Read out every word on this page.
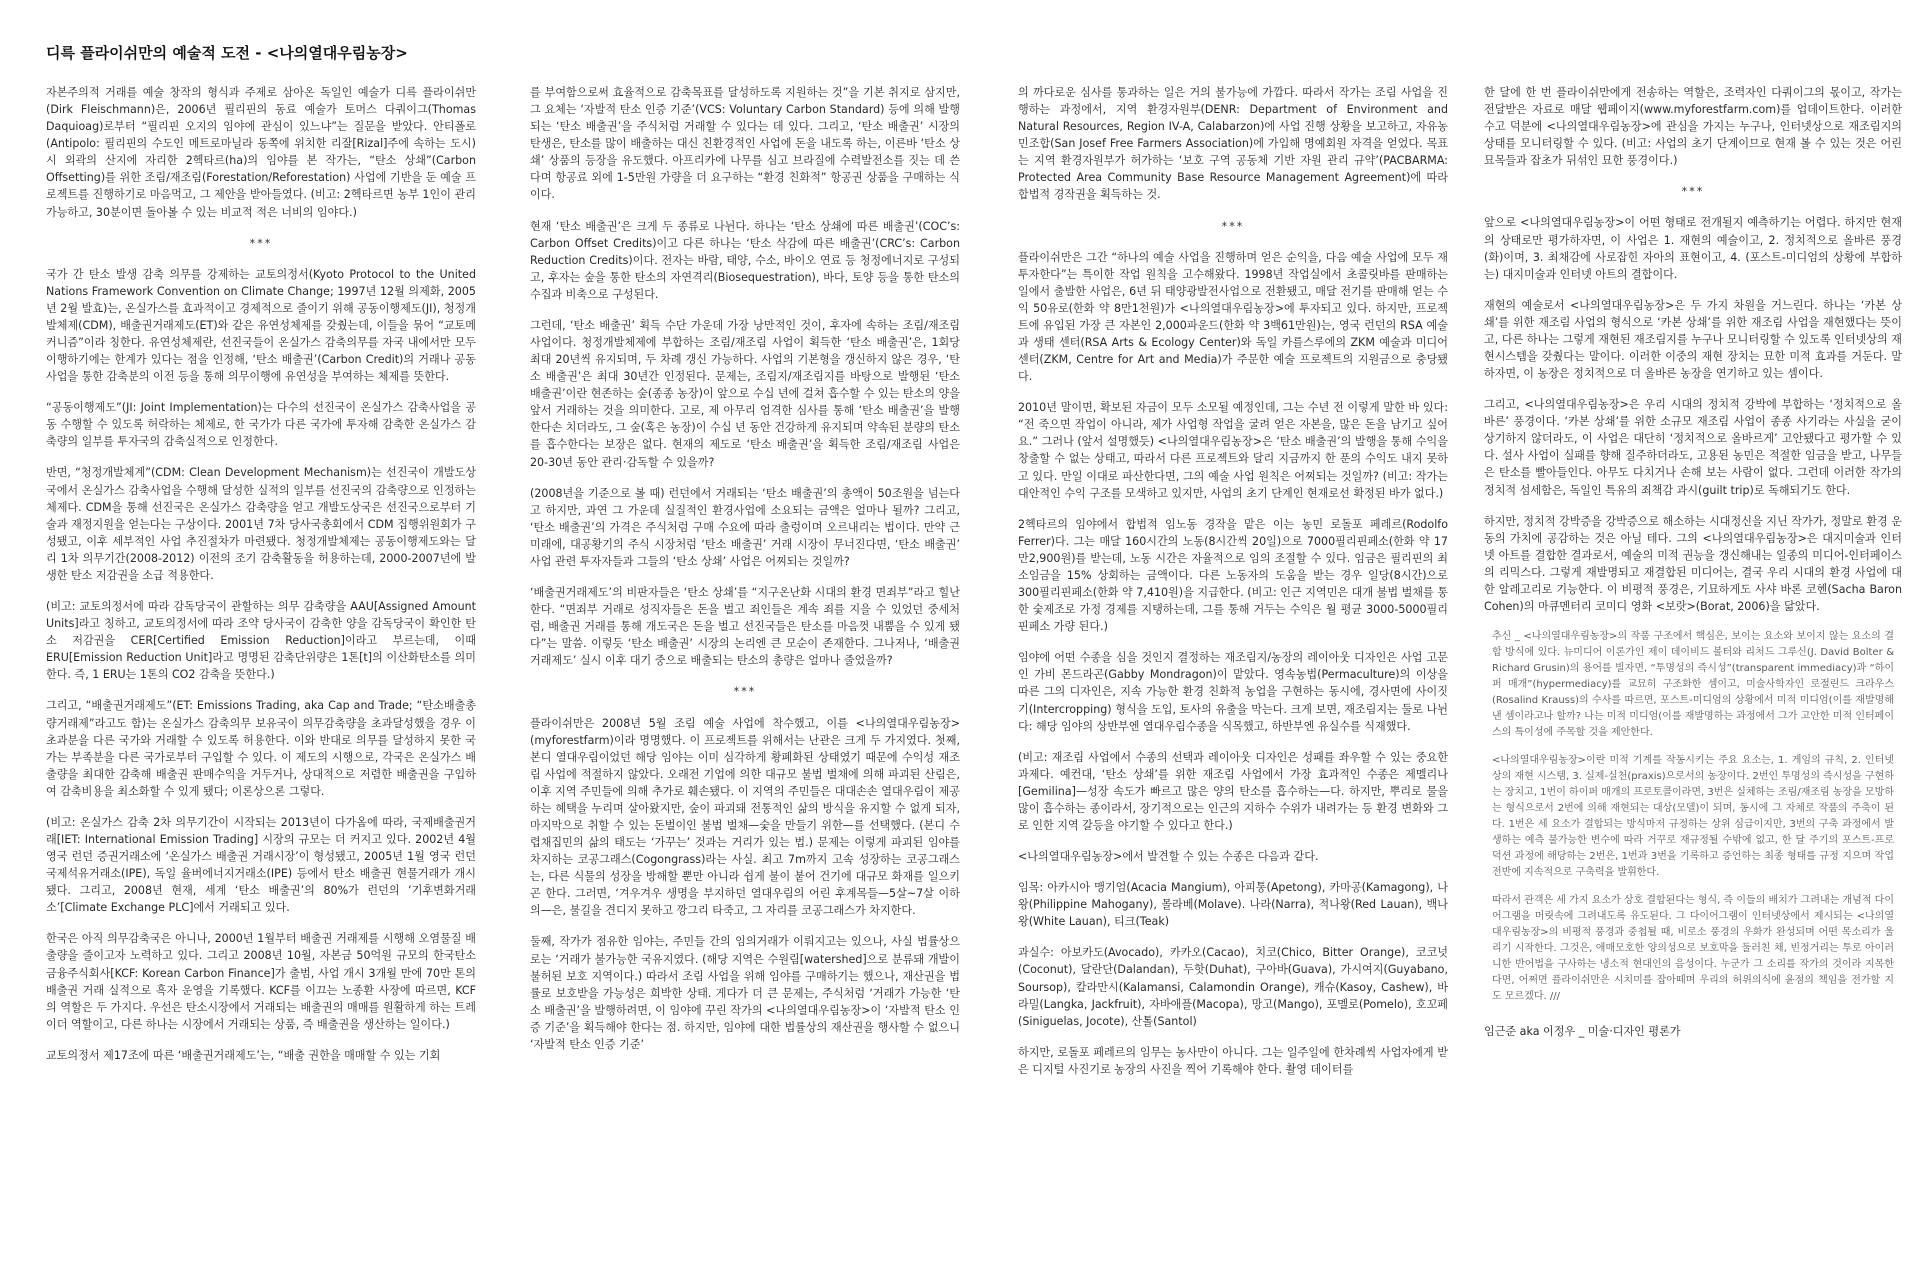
디륵 플라이쉬만의 예술적 도전 - <나의열대우림농장>

자본주의적 거래를 예술 창작의 형식과 주제로 삼아온 독일인 예술가 디륵 플라이쉬만(Dirk Fleischmann)은, 2006년 필리핀의 동료 예술가 토머스 다쿼이그(Thomas Daquioag)로부터 “필리핀 오지의 임야에 관심이 있느냐”는 질문을 받았다. 안티폴로(Antipolo: 필리핀의 수도인 메트로마닐라 동쪽에 위치한 리잘[Rizal]주에 속하는 도시)시 외곽의 산지에 자리한 2헥타르(ha)의 임야를 본 작가는, “탄소 상쇄”(Carbon Offsetting)를 위한 조림/재조림(Forestation/Reforestation) 사업에 기반을 둔 예술 프로젝트를 진행하기로 마음먹고, 그 제안을 받아들였다. (비고: 2헥타르면 농부 1인이 관리 가능하고, 30분이면 돌아볼 수 있는 비교적 적은 너비의 임야다.)

***

국가 간 탄소 발생 감축 의무를 강제하는 교토의정서(Kyoto Protocol to the United Nations Framework Convention on Climate Change; 1997년 12월 의제화, 2005년 2월 발효)는, 온실가스를 효과적이고 경제적으로 줄이기 위해 공동이행제도(JI), 청정개발체제(CDM), 배출권거래제도(ET)와 같은 유연성체제를 갖췄는데, 이들을 묶어 “교토메커니즘”이라 칭한다. 유연성체제란, 선진국들이 온실가스 감축의무를 자국 내에서만 모두 이행하기에는 한계가 있다는 점을 인정해, ‘탄소 배출권’(Carbon Credit)의 거래나 공동사업을 통한 감축분의 이전 등을 통해 의무이행에 유연성을 부여하는 체제를 뜻한다.

“공동이행제도”(JI: Joint Implementation)는 다수의 선진국이 온실가스 감축사업을 공동 수행할 수 있도록 허락하는 체제로, 한 국가가 다른 국가에 투자해 감축한 온실가스 감축량의 일부를 투자국의 감축실적으로 인정한다.

반면, “청정개발체계”(CDM: Clean Development Mechanism)는 선진국이 개발도상국에서 온실가스 감축사업을 수행해 달성한 실적의 일부를 선진국의 감축량으로 인정하는 체제다. CDM을 통해 선진국은 온실가스 감축량을 얻고 개발도상국은 선진국으로부터 기술과 재정지원을 얻는다는 구상이다. 2001년 7차 당사국총회에서 CDM 집행위원회가 구성됐고, 이후 세부적인 사업 추진절차가 마련됐다. 청정개발체제는 공동이행제도와는 달리 1차 의무기간(2008-2012) 이전의 조기 감축활동을 허용하는데, 2000-2007년에 발생한 탄소 저감권을 소급 적용한다.

(비고: 교토의정서에 따라 감독당국이 관할하는 의무 감축량을 AAU[Assigned Amount Units]라고 칭하고, 교토의정서에 따라 조약 당사국이 감축한 양을 감독당국이 확인한 탄소 저감권을 CER[Certified Emission Reduction]이라고 부르는데, 이때 ERU[Emission Reduction Unit]라고 명명된 감축단위량은 1톤[t]의 이산화탄소를 의미한다. 즉, 1 ERU는 1톤의 CO2 감축을 뜻한다.)

그리고, “배출권거래제도”(ET: Emissions Trading, aka Cap and Trade; “탄소배출총량거래제”라고도 함)는 온실가스 감축의무 보유국이 의무감축량을 초과달성했을 경우 이 초과분을 다른 국가와 거래할 수 있도록 허용한다. 이와 반대로 의무를 달성하지 못한 국가는 부족분을 다른 국가로부터 구입할 수 있다. 이 제도의 시행으로, 각국은 온실가스 배출량을 최대한 감축해 배출권 판매수익을 거두거나, 상대적으로 저렴한 배출권을 구입하여 감축비용을 최소화할 수 있게 됐다; 이론상으론 그렇다.

(비고: 온실가스 감축 2차 의무기간이 시작되는 2013년이 다가옴에 따라, 국제배출권거래[IET: International Emission Trading] 시장의 규모는 더 커지고 있다. 2002년 4월 영국 런던 증권거래소에 ‘온실가스 배출권 거래시장’이 형성됐고, 2005년 1월 영국 런던국제석유거래소(IPE), 독일 율버에너지거래소(IPE) 등에서 탄소 배출권 현물거래가 개시됐다. 그리고, 2008년 현재, 세계 ‘탄소 배출권’의 80%가 런던의 ‘기후변화거래소’[Climate Exchange PLC]에서 거래되고 있다.

한국은 아직 의무감축국은 아니나, 2000년 1월부터 배출권 거래제를 시행해 오염물질 배출량을 줄이고자 노력하고 있다. 그리고 2008년 10월, 자본금 50억원 규모의 한국탄소금융주식회사[KCF: Korean Carbon Finance]가 출범, 사업 개시 3개월 만에 70만 톤의 배출권 거래 실적으로 흑자 운영을 기록했다. KCF를 이끄는 노종환 사장에 따르면, KCF의 역할은 두 가지다. 우선은 탄소시장에서 거래되는 배출권의 매매를 원활하게 하는 트레이더 역할이고, 다른 하나는 시장에서 거래되는 상품, 즉 배출권을 생산하는 일이다.)

교토의정서 제17조에 따른 ‘배출권거래제도’는, “배출 권한을 매매할 수 있는 기회

를 부여함으로써 효율적으로 감축목표를 달성하도록 지원하는 것”을 기본 취지로 삼지만, 그 요체는 ‘자발적 탄소 인증 기준’(VCS: Voluntary Carbon Standard) 등에 의해 발행되는 ‘탄소 배출권’을 주식처럼 거래할 수 있다는 데 있다. 그리고, ‘탄소 배출권’ 시장의 탄생은, 탄소를 많이 배출하는 대신 친환경적인 사업에 돈을 내도록 하는, 이른바 ‘탄소 상쇄’ 상품의 등장을 유도했다. 아프리카에 나무를 심고 브라질에 수력발전소를 짓는 데 쓴다며 항공료 외에 1-5만원 가량을 더 요구하는 “환경 친화적” 항공권 상품을 구매하는 식이다.

현재 ‘탄소 배출권’은 크게 두 종류로 나뉜다. 하나는 ‘탄소 상쇄에 따른 배출권’(COC’s: Carbon Offset Credits)이고 다른 하나는 ‘탄소 삭감에 따른 배출권’(CRC’s: Carbon Reduction Credits)이다. 전자는 바람, 태양, 수소, 바이오 연료 등 청정에너지로 구성되고, 후자는 숲을 통한 탄소의 자연격리(Biosequestration), 바다, 토양 등을 통한 탄소의 수집과 비축으로 구성된다.

그런데, ‘탄소 배출권’ 획득 수단 가운데 가장 낭만적인 것이, 후자에 속하는 조림/재조림 사업이다. 청정개발체제에 부합하는 조림/재조림 사업이 획득한 ‘탄소 배출권’은, 1회당 최대 20년씩 유지되며, 두 차례 갱신 가능하다. 사업의 기본형을 갱신하지 않은 경우, ‘탄소 배출권’은 최대 30년간 인정된다. 문제는, 조림지/재조림지를 바탕으로 발행된 ‘탄소 배출권’이란 현존하는 숲(종종 농장)이 앞으로 수십 년에 걸쳐 흡수할 수 있는 탄소의 양을 앞서 거래하는 것을 의미한다. 고로, 제 아무리 엄격한 심사를 통해 ‘탄소 배출권’을 발행한다손 치더라도, 그 숲(혹은 농장)이 수십 년 동안 건강하게 유지되며 약속된 분량의 탄소를 흡수한다는 보장은 없다. 현재의 제도로 ‘탄소 배출권’을 획득한 조림/재조림 사업은 20-30년 동안 관리·감독할 수 있을까?

(2008년을 기준으로 볼 때) 런던에서 거래되는 ‘탄소 배출권’의 총액이 50조원을 넘는다고 하지만, 과연 그 가운데 실질적인 환경사업에 소요되는 금액은 얼마나 될까? 그리고, ‘탄소 배출권’의 가격은 주식처럼 구매 수요에 따라 출렁이며 오르내리는 법이다. 만약 근미래에, 대공황기의 주식 시장처럼 ‘탄소 배출권’ 거래 시장이 무너진다면, ‘탄소 배출권’ 사업 관련 투자자들과 그들의 ‘탄소 상쇄’ 사업은 어찌되는 것일까?

‘배출권거래제도’의 비판자들은 ‘탄소 상쇄’를 “지구온난화 시대의 환경 면죄부”라고 힐난한다. “면죄부 거래로 성직자들은 돈을 벌고 죄인들은 계속 죄를 지을 수 있었던 중세처럼, 배출권 거래를 통해 개도국은 돈을 벌고 선진국들은 탄소를 마음껏 내뿜을 수 있게 됐다”는 말씀. 이렇듯 ‘탄소 배출권’ 시장의 논리엔 큰 모순이 존재한다. 그나저나, ‘배출권거래제도’ 실시 이후 대기 중으로 배출되는 탄소의 총량은 얼마나 줄었을까?

***

플라이쉬만은 2008년 5월 조림 예술 사업에 착수했고, 이를 <나의열대우림농장>(myforestfarm)이라 명명했다. 이 프로젝트를 위해서는 난관은 크게 두 가지였다. 첫째, 본디 열대우림이었던 해당 임야는 이미 심각하게 황폐화된 상태였기 때문에 수익성 재조림 사업에 적절하지 않았다. 오래전 기업에 의한 대규모 불법 벌채에 의해 파괴된 산림은, 이후 지역 주민들에 의해 추가로 훼손됐다. 이 지역의 주민들은 대대손손 열대우림이 제공하는 혜택을 누리며 살아왔지만, 숲이 파괴돼 전통적인 삶의 방식을 유지할 수 없게 되자, 마지막으로 취할 수 있는 돈벌이인 불법 벌채—숯을 만들기 위한—를 선택했다. (본디 수렵채집민의 삶의 태도는 ‘가꾸는’ 것과는 거리가 있는 법.) 문제는 이렇게 파괴된 임야를 차지하는 코공그래스(Cogongrass)라는 사실. 최고 7m까지 고속 성장하는 코공그래스는, 다른 식물의 성장을 방해할 뿐만 아니라 쉽게 불이 붙어 건기에 대규모 화재를 일으키곤 한다. 그러면, ‘겨우겨우 생명을 부지하던 열대우림의 어린 후계목들—5살~7살 이하의—은, 불길을 견디지 못하고 깡그리 타죽고, 그 자리를 코공그래스가 차지한다.

둘째, 작가가 점유한 임야는, 주민들 간의 임의거래가 이뤄지고는 있으나, 사실 법률상으로는 ‘거래가 불가능한 국유지였다. (해당 지역은 수원림[watershed]으로 분류돼 개발이 불허된 보호 지역이다.) 따라서 조림 사업을 위해 임야를 구매하기는 했으나, 재산권을 법률로 보호받을 가능성은 희박한 상태. 게다가 더 큰 문제는, 주식처럼 ‘거래가 가능한 ‘탄소 배출권’을 발행하려면, 이 임야에 꾸린 작가의 <나의열대우림농장>이 ‘자발적 탄소 인증 기준’을 획득해야 한다는 점. 하지만, 임야에 대한 법률상의 재산권을 행사할 수 없으니 ‘자발적 탄소 인증 기준’

의 까다로운 심사를 통과하는 일은 거의 불가능에 가깝다. 따라서 작가는 조림 사업을 진행하는 과정에서, 지역 환경자원부(DENR: Department of Environment and Natural Resources, Region IV-A, Calabarzon)에 사업 진행 상황을 보고하고, 자유농민조합(San Josef Free Farmers Association)에 가입해 명예회원 자격을 얻었다. 목표는 지역 환경자원부가 허가하는 ‘보호 구역 공동체 기반 자원 관리 규약’(PACBARMA: Protected Area Community Base Resource Management Agreement)에 따라 합법적 경작권을 획득하는 것.

***

플라이쉬만은 그간 “하나의 예술 사업을 진행하며 얻은 순익을, 다음 예술 사업에 모두 재투자한다”는 특이한 작업 원칙을 고수해왔다. 1998년 작업실에서 초콜릿바를 판매하는 일에서 출발한 사업은, 6년 뒤 태양광발전사업으로 전환됐고, 매달 전기를 판매해 얻는 수익 50유로(한화 약 8만1천원)가 <나의열대우림농장>에 투자되고 있다. 하지만, 프로젝트에 유입된 가장 큰 자본인 2,000파운드(한화 약 3백61만원)는, 영국 런던의 RSA 예술과 생태 센터(RSA Arts & Ecology Center)와 독일 카를스루에의 ZKM 예술과 미디어 센터(ZKM, Centre for Art and Media)가 주문한 예술 프로젝트의 지원금으로 충당됐다.

2010년 말이면, 확보된 자금이 모두 소모될 예정인데, 그는 수년 전 이렇게 말한 바 있다: “전 죽으면 작업이 아니라, 제가 사업형 작업을 굴려 얻은 자본을, 많은 돈을 남기고 싶어요.” 그러나 (앞서 설명했듯) <나의열대우림농장>은 ‘탄소 배출권’의 발행을 통해 수익을 창출할 수 없는 상태고, 따라서 다른 프로젝트와 달리 지금까지 한 푼의 수익도 내지 못하고 있다. 만일 이대로 파산한다면, 그의 예술 사업 원칙은 어찌되는 것일까? (비고: 작가는 대안적인 수익 구조를 모색하고 있지만, 사업의 초기 단계인 현재로선 확정된 바가 없다.)

2헥타르의 임야에서 합법적 임노동 경작을 맡은 이는 농민 로돌포 페레르(Rodolfo Ferrer)다. 그는 매달 160시간의 노동(8시간씩 20일)으로 7000필리핀페소(한화 약 17만2,900원)를 받는데, 노동 시간은 자율적으로 임의 조절할 수 있다. 임금은 필리핀의 최소임금을 15% 상회하는 금액이다. 다른 노동자의 도움을 받는 경우 일당(8시간)으로 300필리핀페소(한화 약 7,410원)을 지급한다. (비고: 인근 지역민은 대개 불법 벌채를 통한 숯제조로 가정 경제를 지탱하는데, 그를 통해 거두는 수익은 월 평균 3000-5000필리핀페소 가량 된다.)

임야에 어떤 수종을 심을 것인지 결정하는 재조림지/농장의 레이아웃 디자인은 사업 고문인 가비 몬드라곤(Gabby Mondragon)이 맡았다. 영속농법(Permaculture)의 이상을 따른 그의 디자인은, 지속 가능한 환경 친화적 농업을 구현하는 동시에, 경사면에 사이짓기(Intercropping) 형식을 도입, 토사의 유출을 막는다. 크게 보면, 재조림지는 둘로 나뉜다: 해당 임야의 상반부엔 열대우림수종을 식목했고, 하반부엔 유실수를 식재했다.

(비고: 재조림 사업에서 수종의 선택과 레이아웃 디자인은 성패를 좌우할 수 있는 중요한 과제다. 예컨대, ‘탄소 상쇄’를 위한 재조림 사업에서 가장 효과적인 수종은 제멜리나[Gemilina]—성장 속도가 빠르고 많은 양의 탄소를 흡수하는—다. 하지만, 뿌리로 물을 많이 흡수하는 종이라서, 장기적으로는 인근의 지하수 수위가 내려가는 등 환경 변화와 그로 인한 지역 갈등을 야기할 수 있다고 한다.)

<나의열대우림농장>에서 발견할 수 있는 수종은 다음과 같다.

임목: 아카시아 맹기엄(Acacia Mangium), 아피통(Apetong), 카마공(Kamagong), 나왕(Philippine Mahogany), 몰라베(Molave). 나라(Narra), 적나왕(Red Lauan), 백나왕(White Lauan), 티크(Teak)

과실수: 아보카도(Avocado), 카카오(Cacao), 치코(Chico, Bitter Orange), 코코넛(Coconut), 달란단(Dalandan), 두핫(Duhat), 구아바(Guava), 가시여지(Guyabano, Soursop), 칼라만시(Kalamansi, Calamondin Orange), 캐슈(Kasoy, Cashew), 바라밀(Langka, Jackfruit), 자바애플(Macopa), 망고(Mango), 포멜로(Pomelo), 호꼬페(Siniguelas, Jocote), 산톨(Santol)

하지만, 로돌포 페레르의 임무는 농사만이 아니다. 그는 일주일에 한차례씩 사업자에게 받은 디지털 사진기로 농장의 사진을 찍어 기록해야 한다. 촬영 데이터를

한 달에 한 번 플라이쉬만에게 전송하는 역할은, 조력자인 다쿼이그의 몫이고, 작가는 전달받은 자료로 매달 웹페이지(www.myforestfarm.com)를 업데이트한다. 이러한 수고 덕분에 <나의열대우림농장>에 관심을 가지는 누구나, 인터넷상으로 재조림지의 상태를 모니터링할 수 있다. (비고: 사업의 초기 단계이므로 현재 볼 수 있는 것은 어린 묘목들과 잡초가 뒤섞인 묘한 풍경이다.)

***

앞으로 <나의열대우림농장>이 어떤 형태로 전개될지 예측하기는 어렵다. 하지만 현재의 상태로만 평가하자면, 이 사업은 1. 재현의 예술이고, 2. 정치적으로 올바른 풍경(화)이며, 3. 최채감에 사로잡힌 자아의 표현이고, 4. (포스트-미디엄의 상황에 부합하는) 대지미술과 인터넷 아트의 결합이다.

재현의 예술로서 <나의열대우림농장>은 두 가지 차원을 거느린다. 하나는 ‘카본 상쇄’를 위한 재조림 사업의 형식으로 ‘카본 상쇄’를 위한 재조림 사업을 재현했다는 뜻이고, 다른 하나는 그렇게 재현된 재조림지를 누구나 모니터링할 수 있도록 인터넷상의 재현시스템을 갖췄다는 말이다. 이러한 이중의 재현 장치는 묘한 미적 효과를 거둔다. 말하자면, 이 농장은 정치적으로 더 올바른 농장을 연기하고 있는 셈이다.

그리고, <나의열대우림농장>은 우리 시대의 정치적 강박에 부합하는 ‘정치적으로 올바른’ 풍경이다. ‘카본 상쇄’를 위한 소규모 재조림 사업이 종종 사기라는 사실을 굳이 상기하지 않더라도, 이 사업은 대단히 ‘정치적으로 올바르게’ 고안됐다고 평가할 수 있다. 설사 사업이 실패를 향해 질주하더라도, 고용된 농민은 적절한 임금을 받고, 나무들은 탄소를 빨아들인다. 아무도 다치거나 손해 보는 사람이 없다. 그런데 이러한 작가의 정치적 섬세함은, 독일인 특유의 죄책감 과시(guilt trip)로 독해되기도 한다.

하지만, 정치적 강박증을 강박증으로 해소하는 시대정신을 지닌 작가가, 정말로 환경 운동의 가치에 공감하는 것은 아닐 테다. 그의 <나의열대우림농장>은 대지미술과 인터넷 아트를 결합한 결과로서, 예술의 미적 권능을 갱신해내는 일종의 미디어-인터페이스의 리믹스다. 그렇게 재발명되고 재결합된 미디어는, 결국 우리 시대의 환경 사업에 대한 알레고리로 기능한다. 이 비평적 풍경은, 기묘하게도 사샤 바론 코헨(Sacha Baron Cohen)의 마큐멘터리 코미디 영화 <보랏>(Borat, 2006)을 닮았다.

추신 _ <나의열대우림농장>의 작품 구조에서 핵심은, 보이는 요소와 보이지 않는 요소의 결합 방식에 있다. 뉴미디어 이론가인 제이 데이비드 볼터와 리처드 그루신(J. David Bolter & Richard Grusin)의 용어를 빌자면, “투명성의 즉시성”(transparent immediacy)과 “하이퍼 매개”(hypermediacy)를 교묘히 구조화한 셈이고, 미술사학자인 로절린드 크라우스(Rosalind Krauss)의 수사를 따르면, 포스트-미디엄의 상황에서 미적 미디엄(이를 재발명해낸 셈이라고나 할까? 나는 미적 미디엄(이를 재발명하는 과정에서 그가 고안한 미적 인터페이스의 특이성에 주목할 것을 제안한다.

<나의열대우림농장>이란 미적 기계를 작동시키는 주요 요소는, 1. 게임의 규칙, 2. 인터넷 상의 재현 시스템, 3. 실제-실천(praxis)으로서의 농장이다. 2번인 투명성의 즉시성을 구현하는 장치고, 1번이 하이퍼 매개의 프로토콜이라면, 3번은 실체하는 조림/재조림 농장을 모방하는 형식으로서 2번에 의해 재현되는 대상(모델)이 되며, 동시에 그 자체로 작품의 주축이 된다. 1번은 세 요소가 결합되는 방식마저 규정하는 상위 심급이지만, 3번의 구축 과정에서 발생하는 예측 불가능한 변수에 따라 거꾸로 재규정될 수밖에 없고, 한 달 주기의 포스트-프로덕션 과정에 해당하는 2번은, 1번과 3번을 기록하고 증언하는 최종 형태를 규정 지으며 작업 전반에 지속적으로 구축력을 발휘한다.

따라서 관객은 세 가지 요소가 상호 결합된다는 형식, 즉 이들의 배치가 그려내는 개념적 다이어그램을 머릿속에 그려내도록 유도된다. 그 다이어그램이 인터넷상에서 제시되는 <나의열대우림농장>의 비평적 풍경과 중첩될 때, 비로소 풍경의 우화가 완성되며 어떤 목소리가 울리기 시작한다. 그것은, 애매모호한 양의성으로 보호막을 둘러친 채, 빈정거리는 투로 아이러니한 반어법을 구사하는 냉소적 현대인의 음성이다. 누군가 그 소리를 작가의 것이라 지목한다면, 어쩌면 플라이쉬만은 시치미를 잡아떼며 우리의 허위의식에 윤점의 책임을 전가할 지도 모르겠다. ///

임근준 aka 이정우 _ 미술·디자인 평론가
